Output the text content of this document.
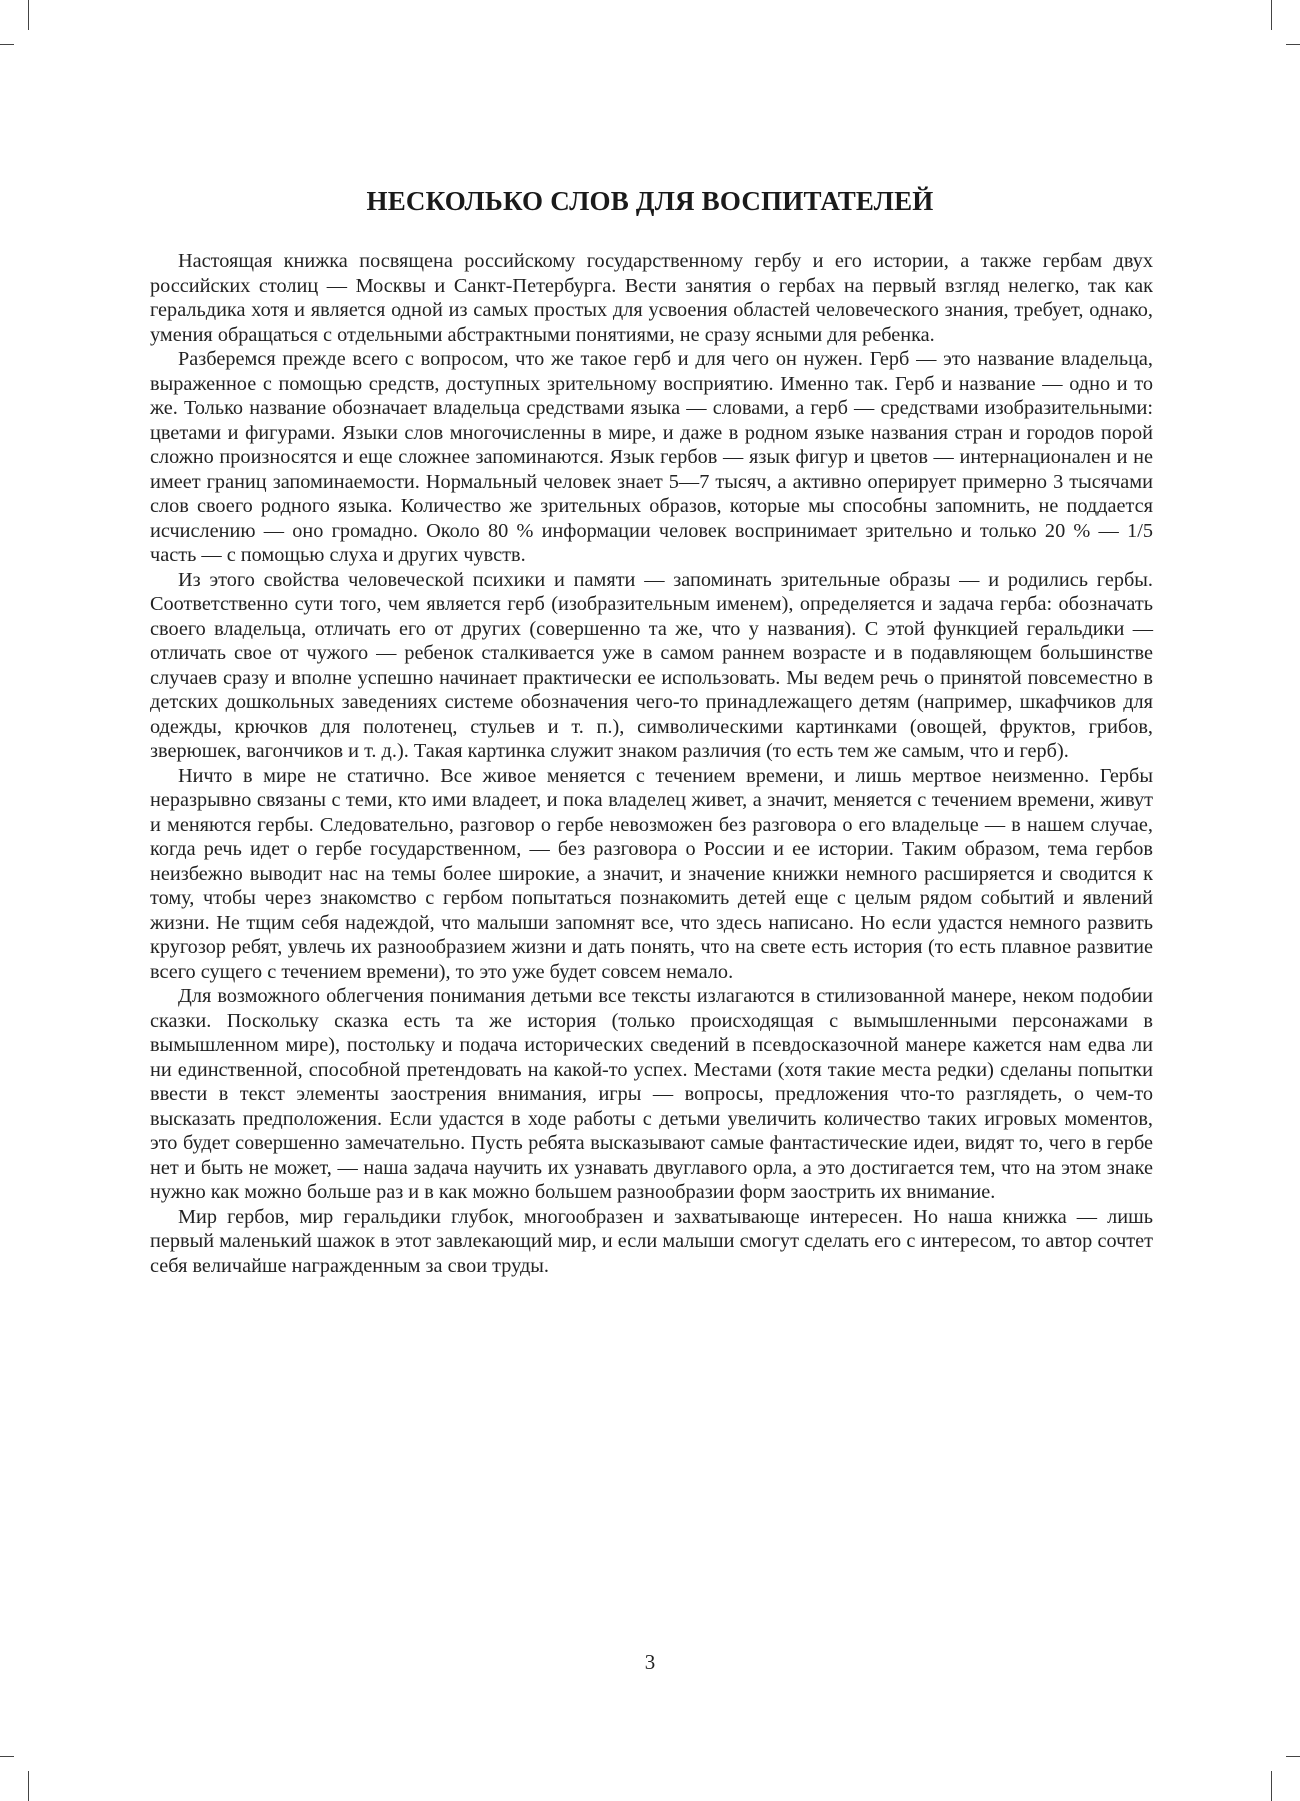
НЕСКОЛЬКО СЛОВ ДЛЯ ВОСПИТАТЕЛЕЙ

Настоящая книжка посвящена российскому государственному гербу и его истории, а также гербам двух российских столиц — Москвы и Санкт-Петербурга. Вести занятия о гербах на первый взгляд нелегко, так как геральдика хотя и является одной из самых простых для усвоения областей человеческого знания, требует, однако, умения обращаться с отдельными абстрактными понятиями, не сразу ясными для ребенка.

Разберемся прежде всего с вопросом, что же такое герб и для чего он нужен. Герб — это название владельца, выраженное с помощью средств, доступных зрительному восприятию. Именно так. Герб и название — одно и то же. Только название обозначает владельца средствами языка — словами, а герб — средствами изобразительными: цветами и фигурами. Языки слов многочисленны в мире, и даже в родном языке названия стран и городов порой сложно произносятся и еще сложнее запоминаются. Язык гербов — язык фигур и цветов — интернационален и не имеет границ запоминаемости. Нормальный человек знает 5—7 тысяч, а активно оперирует примерно 3 тысячами слов своего родного языка. Количество же зрительных образов, которые мы способны запомнить, не поддается исчислению — оно громадно. Около 80 % информации человек воспринимает зрительно и только 20 % — 1/5 часть — с помощью слуха и других чувств.

Из этого свойства человеческой психики и памяти — запоминать зрительные образы — и родились гербы. Соответственно сути того, чем является герб (изобразительным именем), определяется и задача герба: обозначать своего владельца, отличать его от других (совершенно та же, что у названия). С этой функцией геральдики — отличать свое от чужого — ребенок сталкивается уже в самом раннем возрасте и в подавляющем большинстве случаев сразу и вполне успешно начинает практически ее использовать. Мы ведем речь о принятой повсеместно в детских дошкольных заведениях системе обозначения чего-то принадлежащего детям (например, шкафчиков для одежды, крючков для полотенец, стульев и т. п.), символическими картинками (овощей, фруктов, грибов, зверюшек, вагончиков и т. д.). Такая картинка служит знаком различия (то есть тем же самым, что и герб).

Ничто в мире не статично. Все живое меняется с течением времени, и лишь мертвое неизменно. Гербы неразрывно связаны с теми, кто ими владеет, и пока владелец живет, а значит, меняется с течением времени, живут и меняются гербы. Следовательно, разговор о гербе невозможен без разговора о его владельце — в нашем случае, когда речь идет о гербе государственном, — без разговора о России и ее истории. Таким образом, тема гербов неизбежно выводит нас на темы более широкие, а значит, и значение книжки немного расширяется и сводится к тому, чтобы через знакомство с гербом попытаться познакомить детей еще с целым рядом событий и явлений жизни. Не тщим себя надеждой, что малыши запомнят все, что здесь написано. Но если удастся немного развить кругозор ребят, увлечь их разнообразием жизни и дать понять, что на свете есть история (то есть плавное развитие всего сущего с течением времени), то это уже будет совсем немало.

Для возможного облегчения понимания детьми все тексты излагаются в стилизованной манере, неком подобии сказки. Поскольку сказка есть та же история (только происходящая с вымышленными персонажами в вымышленном мире), постольку и подача исторических сведений в псевдосказочной манере кажется нам едва ли ни единственной, способной претендовать на какой-то успех. Местами (хотя такие места редки) сделаны попытки ввести в текст элементы заострения внимания, игры — вопросы, предложения что-то разглядеть, о чем-то высказать предположения. Если удастся в ходе работы с детьми увеличить количество таких игровых моментов, это будет совершенно замечательно. Пусть ребята высказывают самые фантастические идеи, видят то, чего в гербе нет и быть не может, — наша задача научить их узнавать двуглавого орла, а это достигается тем, что на этом знаке нужно как можно больше раз и в как можно большем разнообразии форм заострить их внимание.

Мир гербов, мир геральдики глубок, многообразен и захватывающе интересен. Но наша книжка — лишь первый маленький шажок в этот завлекающий мир, и если малыши смогут сделать его с интересом, то автор сочтет себя величайше награжденным за свои труды.

3
